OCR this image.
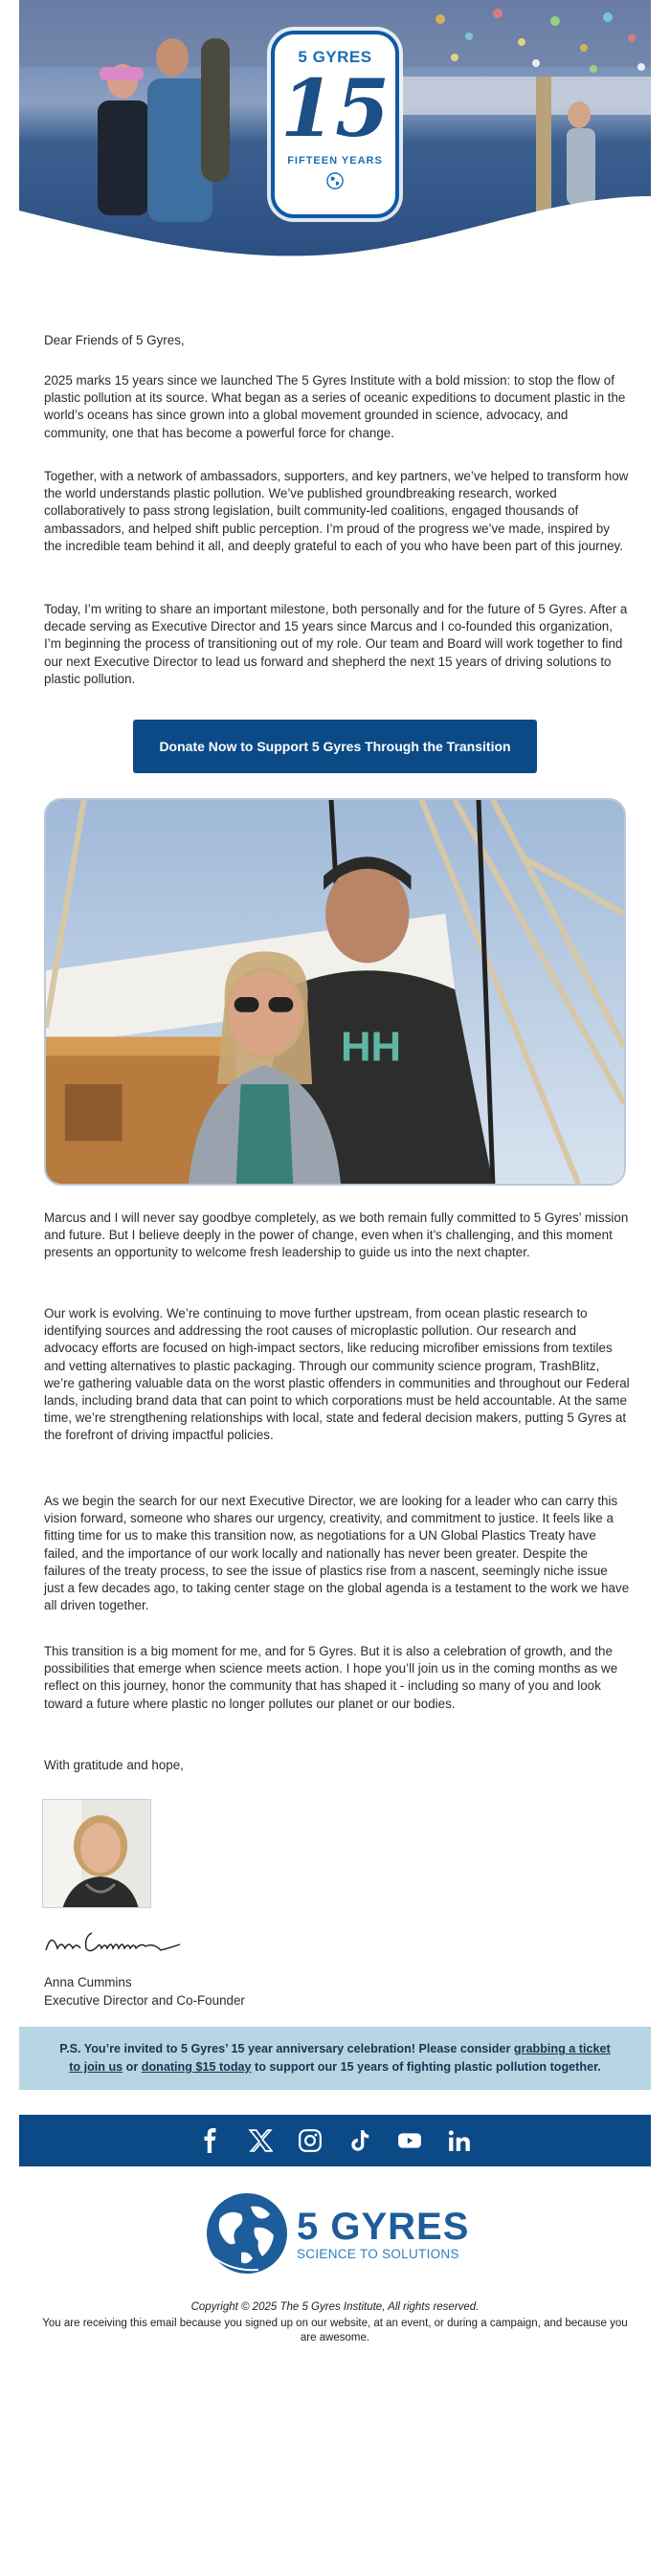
5 GYRES
15
FIFTEEN YEARS
Dear Friends of 5 Gyres,
2025 marks 15 years since we launched The 5 Gyres Institute with a bold mission: to stop the flow of plastic pollution at its source. What began as a series of oceanic expeditions to document plastic in the world’s oceans has since grown into a global movement grounded in science, advocacy, and community, one that has become a powerful force for change.
Together, with a network of ambassadors, supporters, and key partners, we’ve helped to transform how the world understands plastic pollution. We’ve published groundbreaking research, worked collaboratively to pass strong legislation, built community-led coalitions, engaged thousands of ambassadors, and helped shift public perception. I’m proud of the progress we’ve made, inspired by the incredible team behind it all, and deeply grateful to each of you who have been part of this journey.
Today, I’m writing to share an important milestone, both personally and for the future of 5 Gyres. After a decade serving as Executive Director and 15 years since Marcus and I co-founded this organization, I’m beginning the process of transitioning out of my role. Our team and Board will work together to find our next Executive Director to lead us forward and shepherd the next 15 years of driving solutions to plastic pollution.
Donate Now to Support 5 Gyres Through the Transition
HH
Marcus and I will never say goodbye completely, as we both remain fully committed to 5 Gyres’ mission and future. But I believe deeply in the power of change, even when it’s challenging, and this moment presents an opportunity to welcome fresh leadership to guide us into the next chapter.
Our work is evolving. We’re continuing to move further upstream, from ocean plastic research to identifying sources and addressing the root causes of microplastic pollution. Our research and advocacy efforts are focused on high-impact sectors, like reducing microfiber emissions from textiles and vetting alternatives to plastic packaging. Through our community science program, TrashBlitz, we’re gathering valuable data on the worst plastic offenders in communities and throughout our Federal lands, including brand data that can point to which corporations must be held accountable. At the same time, we’re strengthening relationships with local, state and federal decision makers, putting 5 Gyres at the forefront of driving impactful policies.
As we begin the search for our next Executive Director, we are looking for a leader who can carry this vision forward, someone who shares our urgency, creativity, and commitment to justice. It feels like a fitting time for us to make this transition now, as negotiations for a UN Global Plastics Treaty have failed, and the importance of our work locally and nationally has never been greater. Despite the failures of the treaty process, to see the issue of plastics rise from a nascent, seemingly niche issue just a few decades ago, to taking center stage on the global agenda is a testament to the work we have all driven together.
This transition is a big moment for me, and for 5 Gyres. But it is also a celebration of growth, and the possibilities that emerge when science meets action. I hope you’ll join us in the coming months as we reflect on this journey, honor the community that has shaped it - including so many of you and look toward a future where plastic no longer pollutes our planet or our bodies.
With gratitude and hope,
Anna Cummins
Executive Director and Co-Founder
P.S. You’re invited to 5 Gyres’ 15 year anniversary celebration! Please consider grabbing a ticket to join us or donating $15 today to support our 15 years of fighting plastic pollution together.
5 GYRES
SCIENCE TO SOLUTIONS
Copyright © 2025 The 5 Gyres Institute, All rights reserved.
You are receiving this email because you signed up on our website, at an event, or during a campaign, and because you are awesome.
